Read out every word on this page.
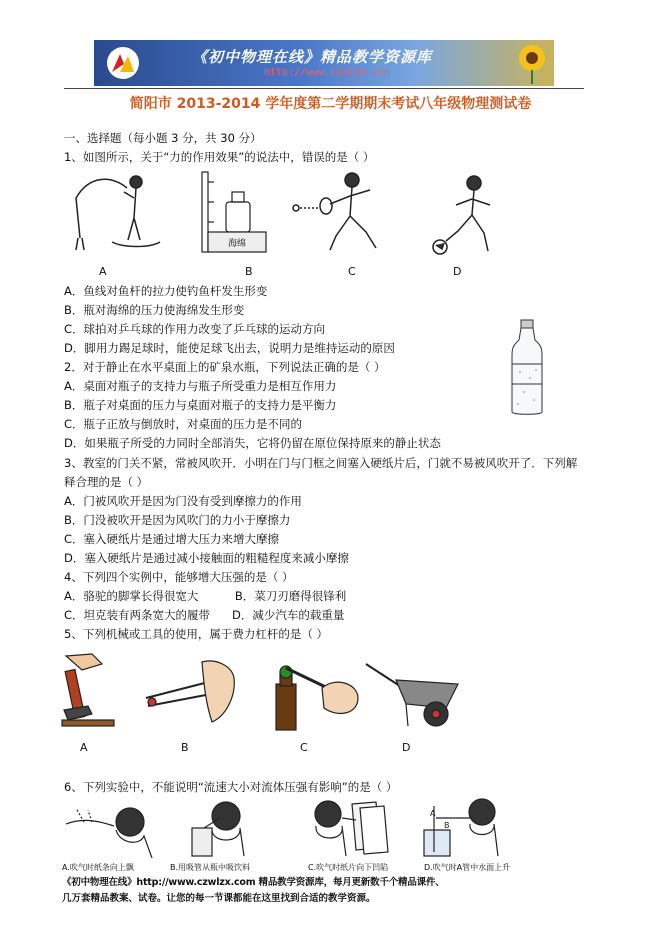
《初中物理在线》精品教学资源库
http://www.czwlzx.com
简阳市 2013-2014 学年度第二学期期末考试八年级物理测试卷
一、选择题（每小题 3 分，共 30 分）
1、如图所示，关于“力的作用效果”的说法中，错误的是（ ）
海绵
A	B	C	D
A．鱼线对鱼杆的拉力使钓鱼杆发生形变
B．瓶对海绵的压力使海绵发生形变
C．球拍对乒乓球的作用力改变了乒乓球的运动方向
D．脚用力踢足球时，能使足球飞出去，说明力是维持运动的原因
2．对于静止在水平桌面上的矿泉水瓶，下列说法正确的是（ ）
A．桌面对瓶子的支持力与瓶子所受重力是相互作用力
B．瓶子对桌面的压力与桌面对瓶子的支持力是平衡力
C．瓶子正放与倒放时，对桌面的压力是不同的
D．如果瓶子所受的力同时全部消失，它将仍留在原位保持原来的静止状态
3、教室的门关不紧，常被风吹开．小明在门与门框之间塞入硬纸片后，门就不易被风吹开了．下列解
释合理的是（ ）
A．门被风吹开是因为门没有受到摩擦力的作用
B．门没被吹开是因为风吹门的力小于摩擦力
C．塞入硬纸片是通过增大压力来增大摩擦
D．塞入硬纸片是通过减小接触面的粗糙程度来减小摩擦
4、下列四个实例中，能够增大压强的是（ ）
A．骆驼的脚掌长得很宽大          B．菜刀刃磨得很锋利
C．坦克装有两条宽大的履带      D．减少汽车的载重量
5、下列机械或工具的使用，属于费力杠杆的是（ ）
A	B	C	D
6、下列实验中，不能说明“流速大小对流体压强有影响”的是（ ）
A
B
A.吹气时纸条向上飘	B.用吸管从瓶中吸饮料	C.吹气时纸片向下凹陷	D.吹气时A管中水面上升
《初中物理在线》http://www.czwlzx.com 精品教学资源库，每月更新数千个精品课件、
几万套精品教案、试卷。让您的每一节课都能在这里找到合适的教学资源。
